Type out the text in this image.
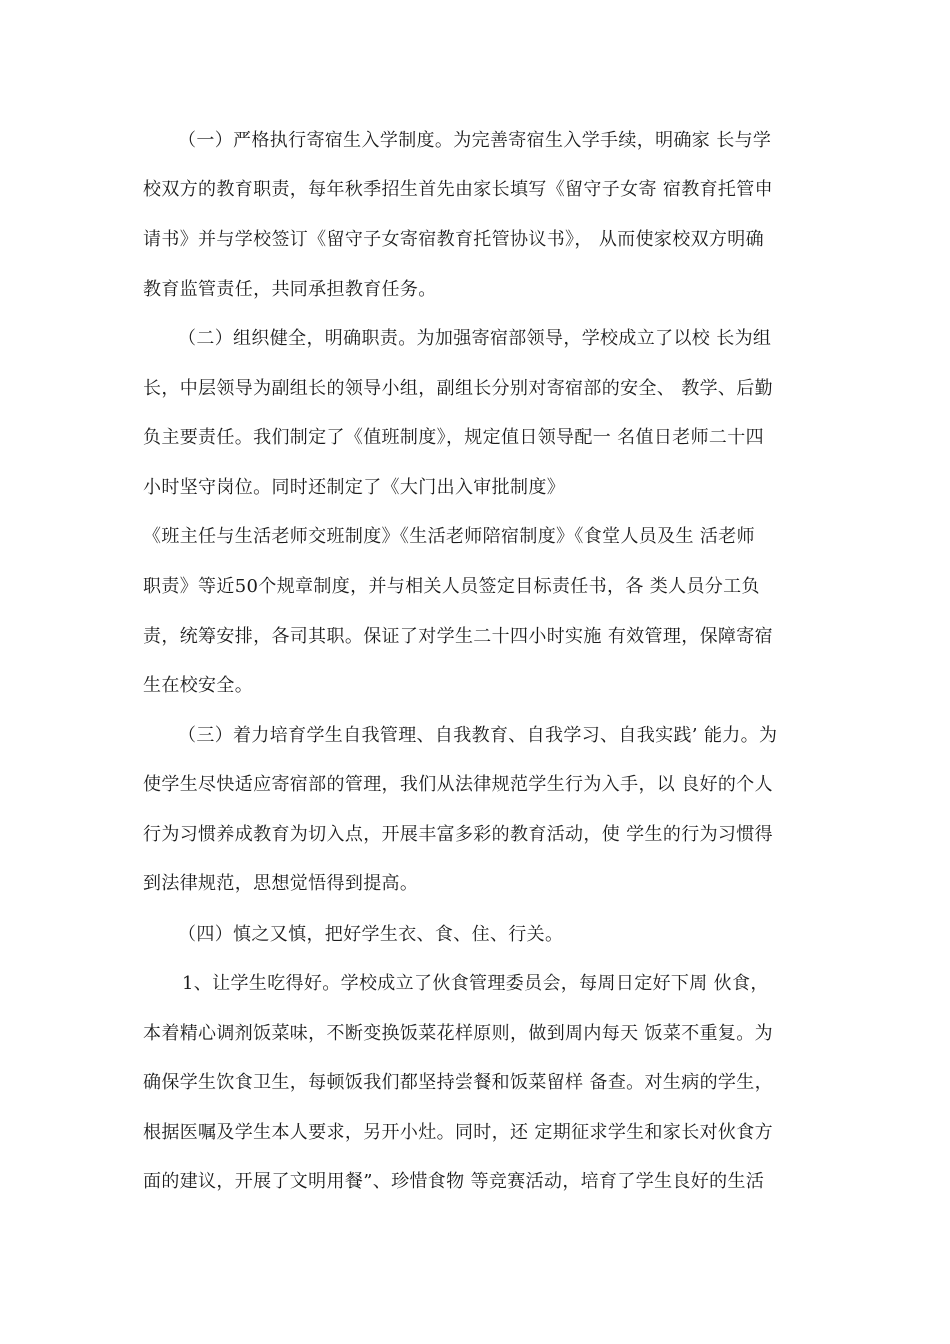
（一）严格执行寄宿生入学制度。为完善寄宿生入学手续，明确家 长与学
校双方的教育职责，每年秋季招生首先由家长填写《留守子女寄 宿教育托管申
请书》并与学校签订《留守子女寄宿教育托管协议书》， 从而使家校双方明确
教育监管责任，共同承担教育任务。
（二）组织健全，明确职责。为加强寄宿部领导，学校成立了以校 长为组
长，中层领导为副组长的领导小组，副组长分别对寄宿部的安全、 教学、后勤
负主要责任。我们制定了《值班制度》，规定值日领导配一 名值日老师二十四
小时坚守岗位。同时还制定了《大门出入审批制度》
《班主任与生活老师交班制度》《生活老师陪宿制度》《食堂人员及生 活老师
职责》等近50个规章制度，并与相关人员签定目标责任书，各 类人员分工负
责，统筹安排，各司其职。保证了对学生二十四小时实施 有效管理，保障寄宿
生在校安全。
（三）着力培育学生自我管理、自我教育、自我学习、自我实践’ 能力。为
使学生尽快适应寄宿部的管理，我们从法律规范学生行为入手，以 良好的个人
行为习惯养成教育为切入点，开展丰富多彩的教育活动，使 学生的行为习惯得
到法律规范，思想觉悟得到提高。
（四）慎之又慎，把好学生衣、食、住、行关。
1、让学生吃得好。学校成立了伙食管理委员会，每周日定好下周 伙食，
本着精心调剂饭菜味，不断变换饭菜花样原则，做到周内每天 饭菜不重复。为
确保学生饮食卫生，每顿饭我们都坚持尝餐和饭菜留样 备查。对生病的学生，
根据医嘱及学生本人要求，另开小灶。同时，还 定期征求学生和家长对伙食方
面的建议，开展了文明用餐”、珍惜食物 等竞赛活动，培育了学生良好的生活
